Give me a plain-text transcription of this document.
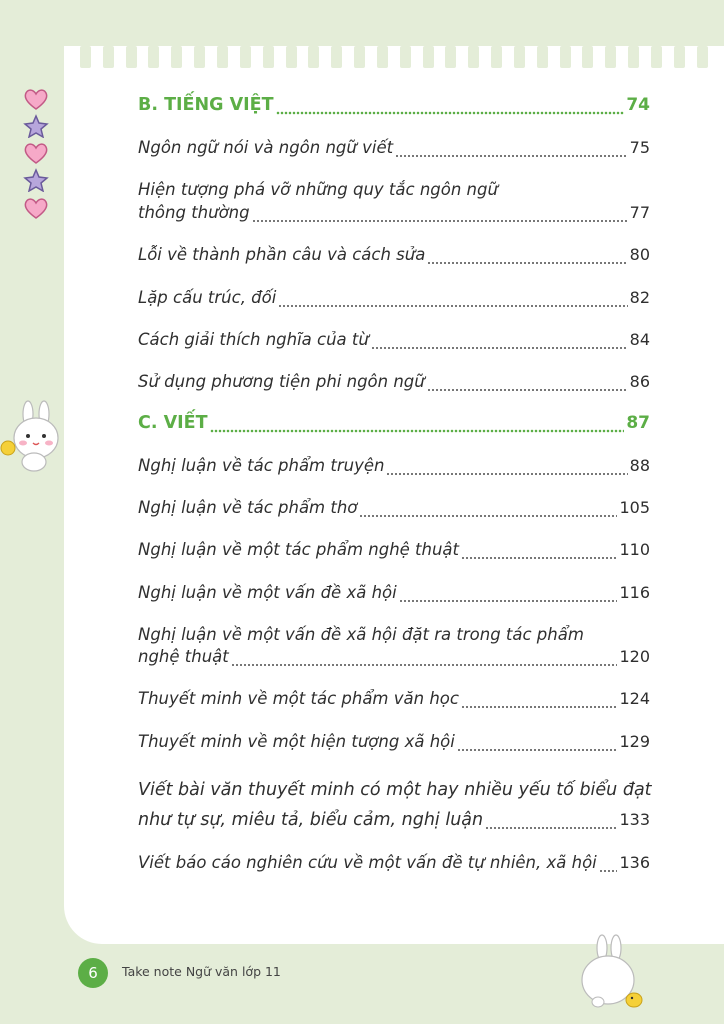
B. TIẾNG VIỆT	74
Ngôn ngữ nói và ngôn ngữ viết	75
Hiện tượng phá vỡ những quy tắc ngôn ngữ
thông thường	77
Lỗi về thành phần câu và cách sửa	80
Lặp cấu trúc, đối	82
Cách giải thích nghĩa của từ	84
Sử dụng phương tiện phi ngôn ngữ	86
C. VIẾT	87
Nghị luận về tác phẩm truyện	88
Nghị luận về tác phẩm thơ	105
Nghị luận về một tác phẩm nghệ thuật	110
Nghị luận về một vấn đề xã hội	116
Nghị luận về một vấn đề xã hội đặt ra trong tác phẩm
nghệ thuật	120
Thuyết minh về một tác phẩm văn học	124
Thuyết minh về một hiện tượng xã hội	129
Viết bài văn thuyết minh có một hay nhiều yếu tố biểu đạt
như tự sự, miêu tả, biểu cảm, nghị luận	133
Viết báo cáo nghiên cứu về một vấn đề tự nhiên, xã hội 136
6	Take note Ngữ văn lớp 11
